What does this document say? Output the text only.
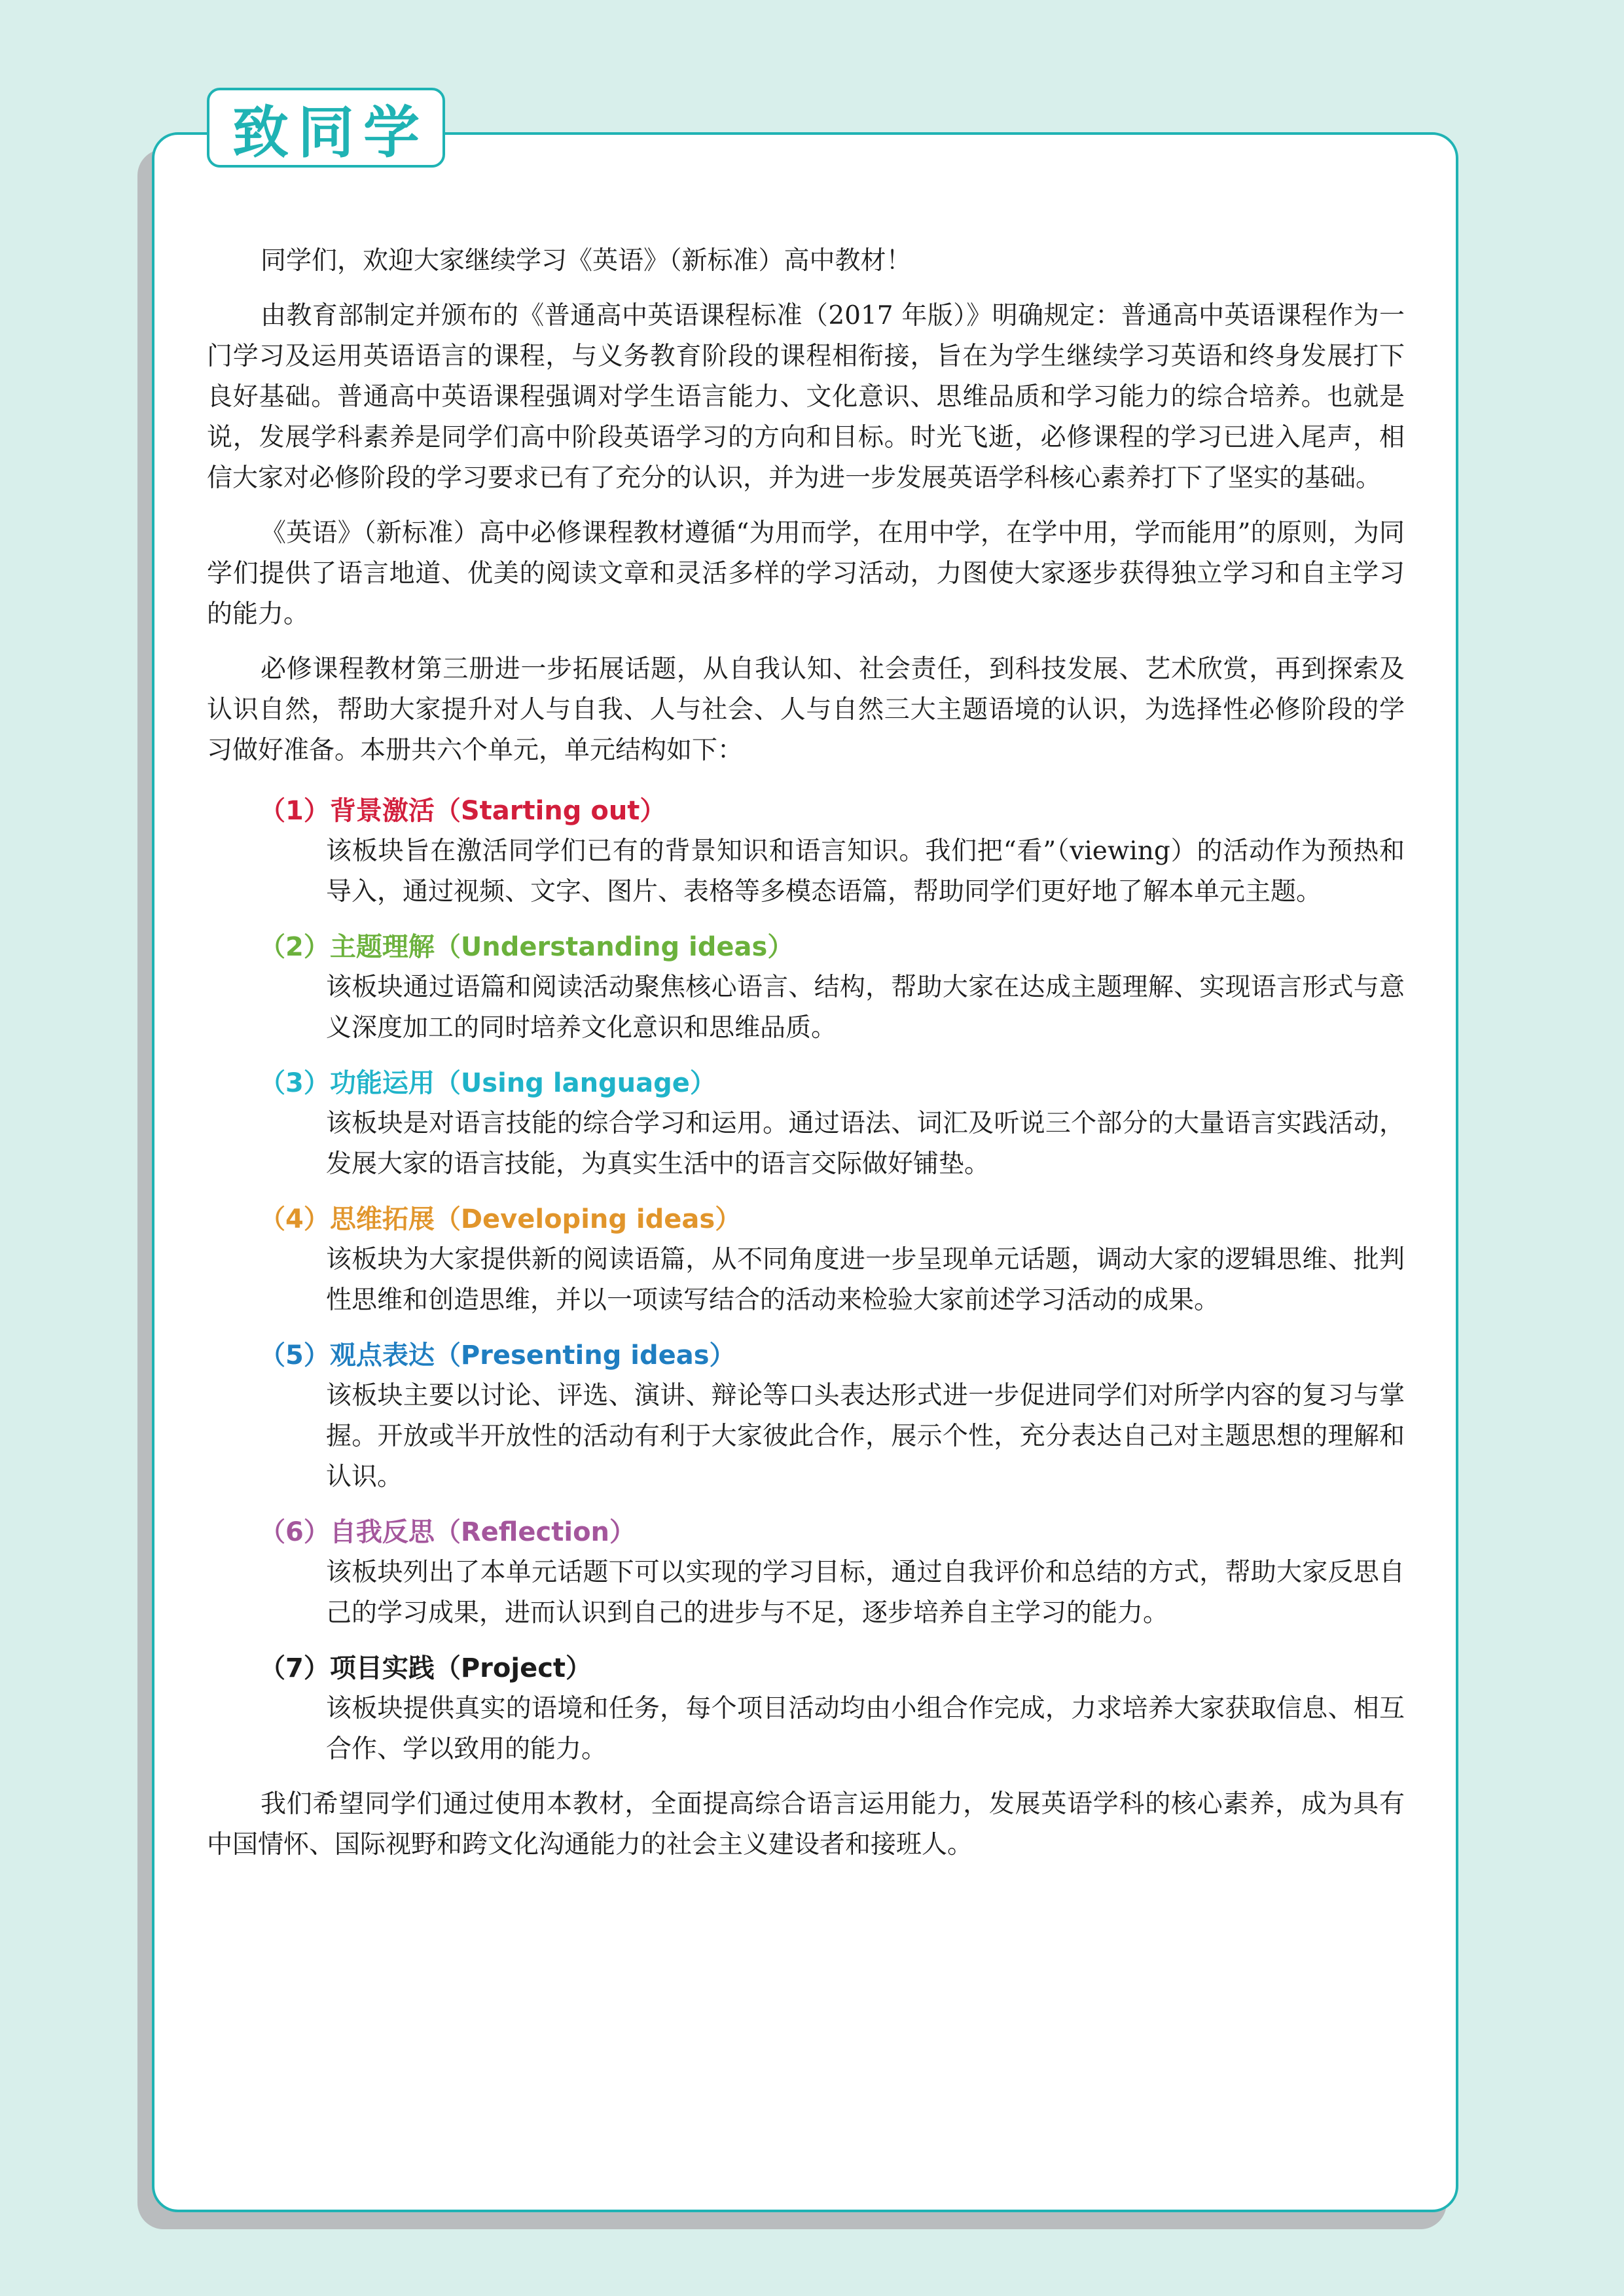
致同学

同学们，欢迎大家继续学习《英语》（新标准）高中教材！

由教育部制定并颁布的《普通高中英语课程标准（2017 年版）》明确规定：普通高中英语课程作为一门学习及运用英语语言的课程，与义务教育阶段的课程相衔接，旨在为学生继续学习英语和终身发展打下良好基础。普通高中英语课程强调对学生语言能力、文化意识、思维品质和学习能力的综合培养。也就是说，发展学科素养是同学们高中阶段英语学习的方向和目标。时光飞逝，必修课程的学习已进入尾声，相信大家对必修阶段的学习要求已有了充分的认识，并为进一步发展英语学科核心素养打下了坚实的基础。

《英语》（新标准）高中必修课程教材遵循“为用而学，在用中学，在学中用，学而能用”的原则，为同学们提供了语言地道、优美的阅读文章和灵活多样的学习活动，力图使大家逐步获得独立学习和自主学习的能力。

必修课程教材第三册进一步拓展话题，从自我认知、社会责任，到科技发展、艺术欣赏，再到探索及认识自然，帮助大家提升对人与自我、人与社会、人与自然三大主题语境的认识，为选择性必修阶段的学习做好准备。本册共六个单元，单元结构如下：

（1）背景激活（Starting out）

该板块旨在激活同学们已有的背景知识和语言知识。我们把“看”（viewing）的活动作为预热和导入，通过视频、文字、图片、表格等多模态语篇，帮助同学们更好地了解本单元主题。

（2）主题理解（Understanding ideas）

该板块通过语篇和阅读活动聚焦核心语言、结构，帮助大家在达成主题理解、实现语言形式与意义深度加工的同时培养文化意识和思维品质。

（3）功能运用（Using language）

该板块是对语言技能的综合学习和运用。通过语法、词汇及听说三个部分的大量语言实践活动，发展大家的语言技能，为真实生活中的语言交际做好铺垫。

（4）思维拓展（Developing ideas）

该板块为大家提供新的阅读语篇，从不同角度进一步呈现单元话题，调动大家的逻辑思维、批判性思维和创造思维，并以一项读写结合的活动来检验大家前述学习活动的成果。

（5）观点表达（Presenting ideas）

该板块主要以讨论、评选、演讲、辩论等口头表达形式进一步促进同学们对所学内容的复习与掌握。开放或半开放性的活动有利于大家彼此合作，展示个性，充分表达自己对主题思想的理解和认识。

（6）自我反思（Reflection）

该板块列出了本单元话题下可以实现的学习目标，通过自我评价和总结的方式，帮助大家反思自己的学习成果，进而认识到自己的进步与不足，逐步培养自主学习的能力。

（7）项目实践（Project）

该板块提供真实的语境和任务，每个项目活动均由小组合作完成，力求培养大家获取信息、相互合作、学以致用的能力。

我们希望同学们通过使用本教材，全面提高综合语言运用能力，发展英语学科的核心素养，成为具有中国情怀、国际视野和跨文化沟通能力的社会主义建设者和接班人。
